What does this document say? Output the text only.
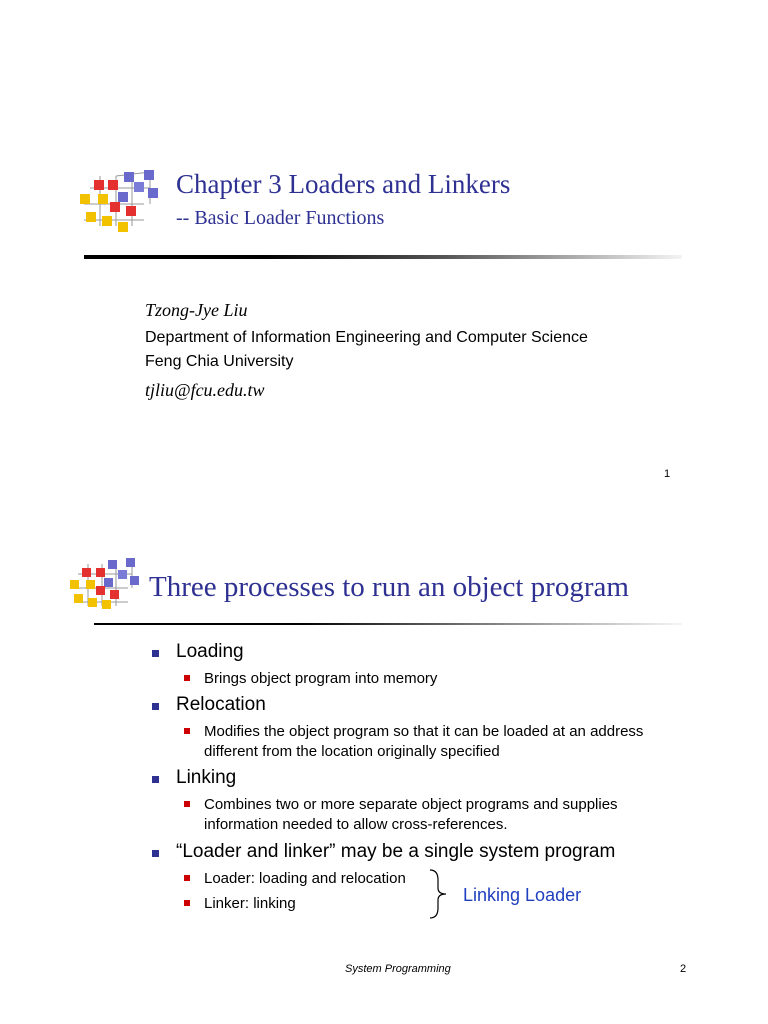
Chapter 3 Loaders and Linkers
-- Basic Loader Functions
Tzong-Jye Liu
Department of Information Engineering and Computer Science
Feng Chia University
tjliu@fcu.edu.tw
1
Three processes to run an object program
Loading
Brings object program into memory
Relocation
Modifies the object program so that it can be loaded at an address different from the location originally specified
Linking
Combines two or more separate object programs and supplies information needed to allow cross-references.
“Loader and linker” may be a single system program
Loader: loading and relocation
Linker: linking	Linking Loader
System Programming	2
